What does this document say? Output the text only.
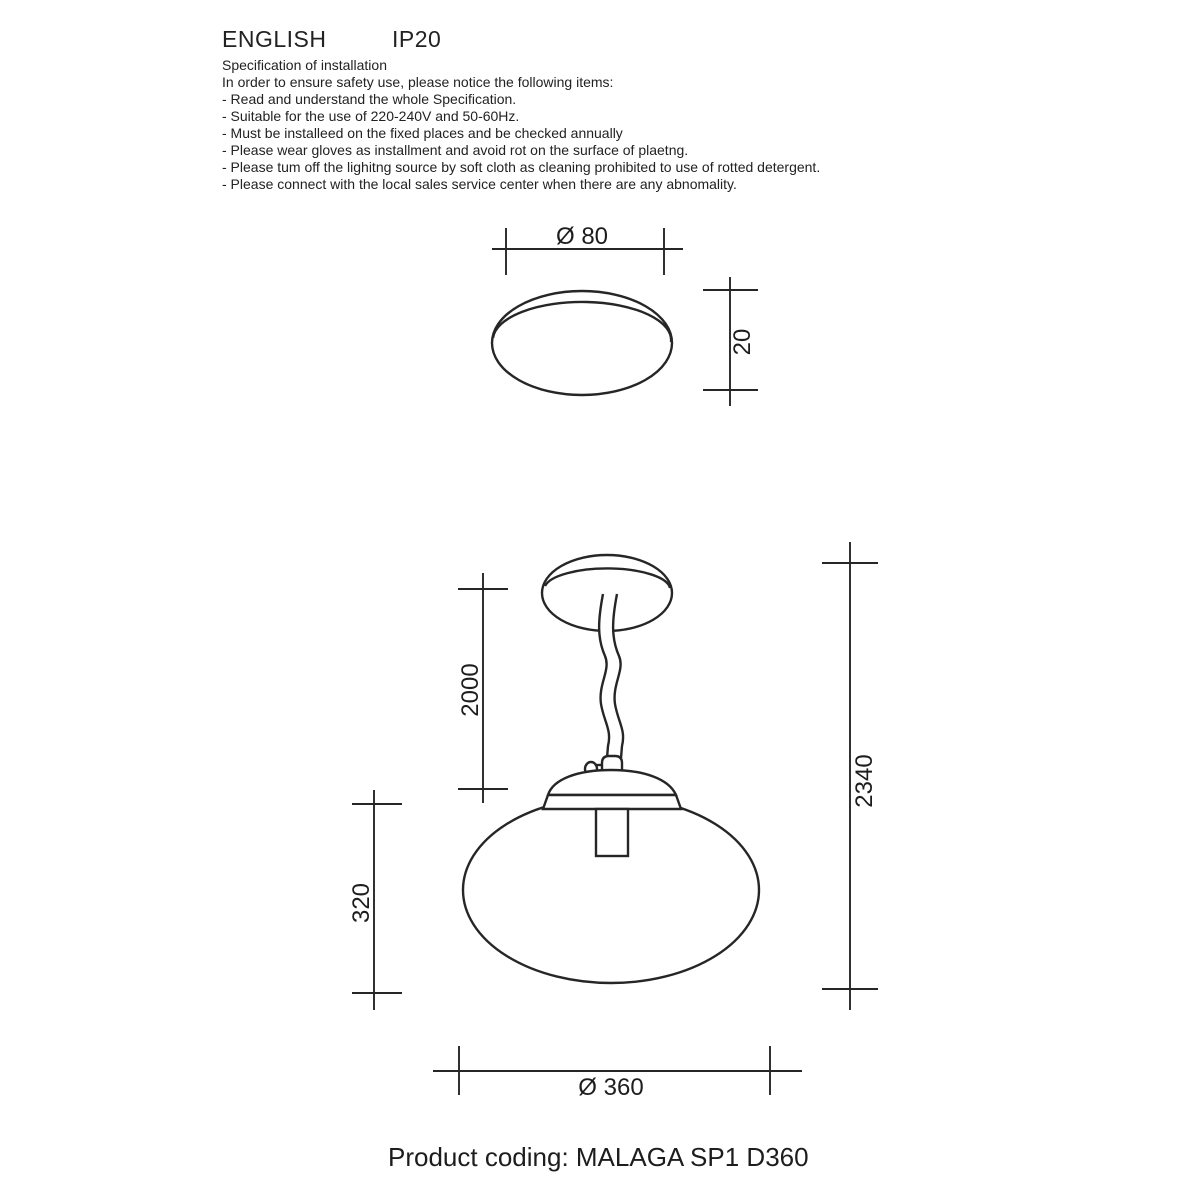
ENGLISH	IP20
Specification of installation
In order to ensure safety use, please notice the following items:
- Read and understand the whole Specification.
- Suitable for the use of 220-240V and 50-60Hz.
- Must be installeed on the fixed places and be checked annually
- Please wear gloves as installment and avoid rot on the surface of plaetng.
- Please tum off the lighitng source by soft cloth as cleaning prohibited to use of rotted detergent.
- Please connect with the local sales service center when there are any abnomality.
Ø 80
20
2000
320
2340
Ø 360
Product coding: MALAGA SP1 D360
